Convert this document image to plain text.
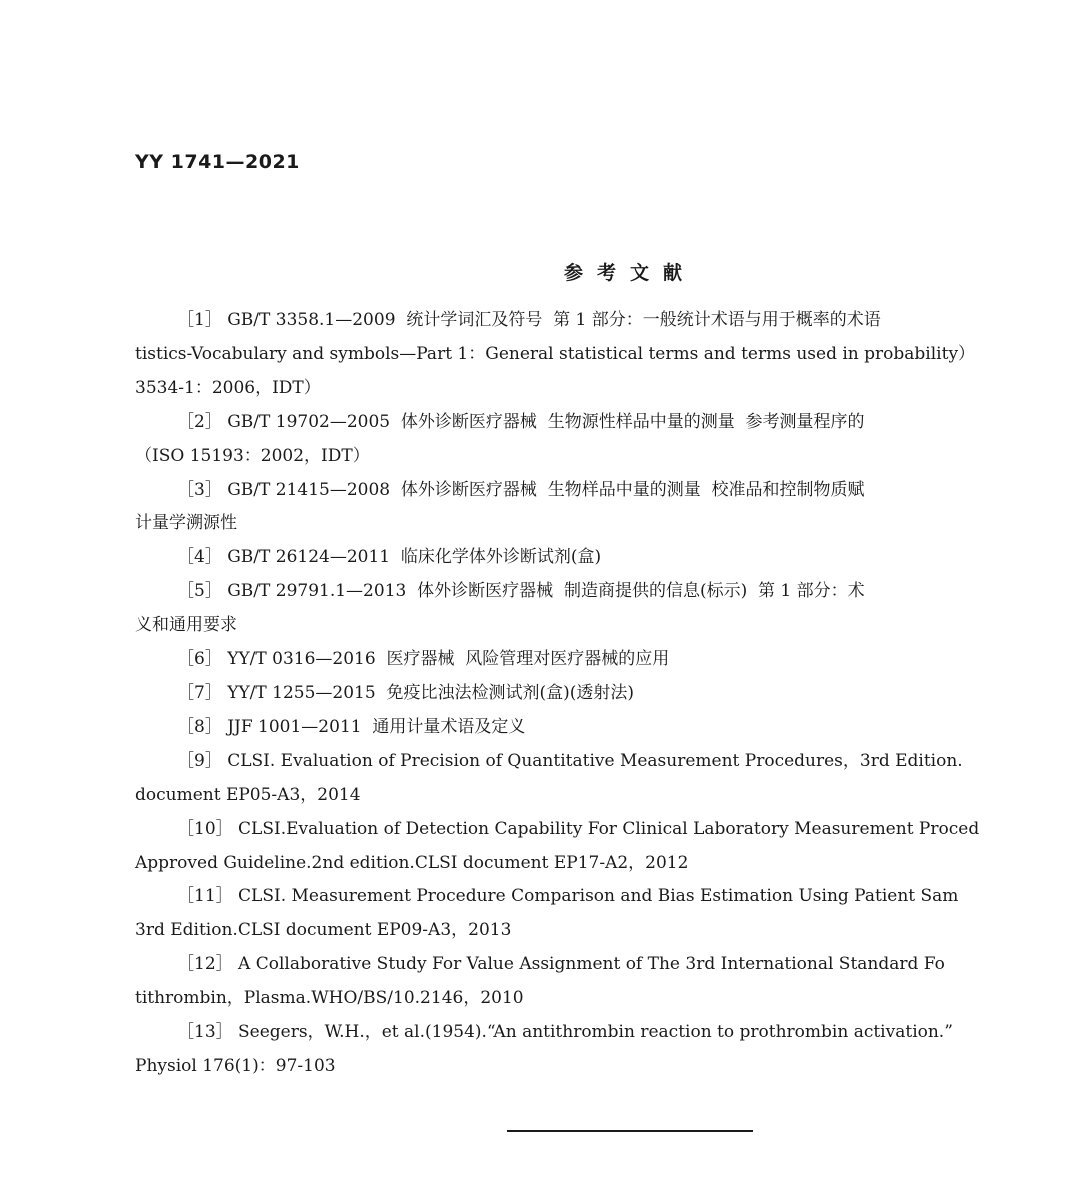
YY 1741—2021

参考文献

［1］ GB/T 3358.1—2009  统计学词汇及符号  第 1 部分：一般统计术语与用于概率的术语
tistics-Vocabulary and symbols—Part 1：General statistical terms and terms used in probability）
3534-1：2006，IDT）

［2］ GB/T 19702—2005  体外诊断医疗器械  生物源性样品中量的测量  参考测量程序的
（ISO 15193：2002，IDT）

［3］ GB/T 21415—2008  体外诊断医疗器械  生物样品中量的测量  校准品和控制物质赋
计量学溯源性

［4］ GB/T 26124—2011  临床化学体外诊断试剂(盒)

［5］ GB/T 29791.1—2013  体外诊断医疗器械  制造商提供的信息(标示)  第 1 部分：术
义和通用要求

［6］ YY/T 0316—2016  医疗器械  风险管理对医疗器械的应用

［7］ YY/T 1255—2015  免疫比浊法检测试剂(盒)(透射法)

［8］ JJF 1001—2011  通用计量术语及定义

［9］ CLSI. Evaluation of Precision of Quantitative Measurement Procedures，3rd Edition.
document EP05-A3，2014

［10］ CLSI.Evaluation of Detection Capability For Clinical Laboratory Measurement Proced
Approved Guideline.2nd edition.CLSI document EP17-A2，2012

［11］ CLSI. Measurement Procedure Comparison and Bias Estimation Using Patient Sam
3rd Edition.CLSI document EP09-A3，2013

［12］ A Collaborative Study For Value Assignment of The 3rd International Standard Fo
tithrombin，Plasma.WHO/BS/10.2146，2010

［13］ Seegers，W.H.，et al.(1954).“An antithrombin reaction to prothrombin activation.”
Physiol 176(1)：97-103
